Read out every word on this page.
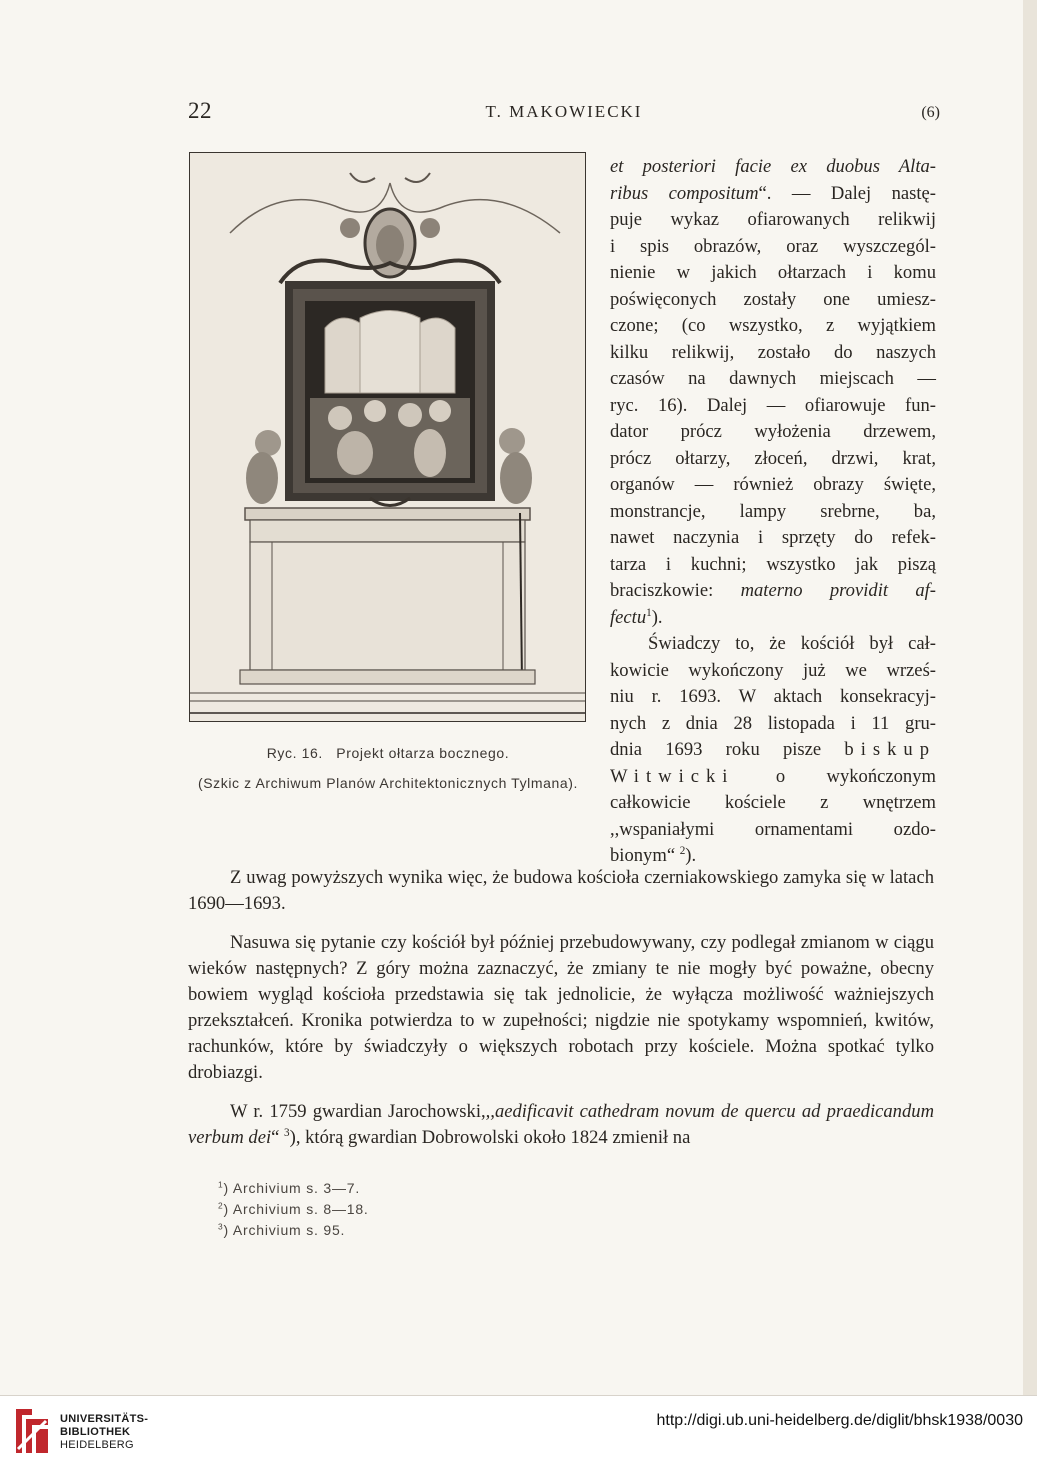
22	T. MAKOWIECKI	(6)
Ryc. 16.   Projekt ołtarza bocznego.
(Szkic z Archiwum Planów Architektonicznych Tylmana).

et posteriori facie ex duobus Alta-

ribus compositum“. — Dalej nastę-

puje wykaz ofiarowanych relikwij

i spis obrazów, oraz wyszczegól-

nienie w jakich ołtarzach i komu

poświęconych zostały one umiesz-

czone; (co wszystko, z wyjątkiem

kilku relikwij, zostało do naszych

czasów na dawnych miejscach —

ryc. 16). Dalej — ofiarowuje fun-

dator prócz wyłożenia drzewem,

prócz ołtarzy, złoceń, drzwi, krat,

organów — również obrazy święte,

monstrancje, lampy srebrne, ba,

nawet naczynia i sprzęty do refek-

tarza i kuchni; wszystko jak piszą

braciszkowie: materno providit af-

fectu$^1$).

Świadczy to, że kościół był cał-

kowicie wykończony już we wrześ-

niu r. 1693. W aktach konsekracyj-

nych z dnia 28 listopada i 11 gru-

dnia 1693 roku pisze biskup

Witwicki o wykończonym

całkowicie kościele z wnętrzem

,,wspaniałymi ornamentami ozdo-

bionym“ $^2$).

Z uwag powyższych wynika więc, że budowa kościoła czerniakowskiego zamyka się w latach 1690—1693.

Nasuwa się pytanie czy kościół był później przebudowywany, czy podlegał zmianom w ciągu wieków następnych? Z góry można zaznaczyć, że zmiany te nie mogły być poważne, obecny bowiem wygląd kościoła przedstawia się tak jednolicie, że wyłącza możliwość ważniejszych przekształceń. Kronika potwierdza to w zupełności; nigdzie nie spotykamy wspomnień, kwitów, rachunków, które by świadczyły o większych robotach przy kościele. Można spotkać tylko drobiazgi.

W r. 1759 gwardian Jarochowski,,,aedificavit cathedram novum de quercu ad praedicandum verbum dei“ $^3$), którą gwardian Dobrowolski około 1824 zmienił na

$^1$) Archivium s. 3—7.
$^2$) Archivium s. 8—18.
$^3$) Archivium s. 95.
UNIVERSITÄTS-
BIBLIOTHEK
HEIDELBERG
http://digi.ub.uni-heidelberg.de/diglit/bhsk1938/0030
